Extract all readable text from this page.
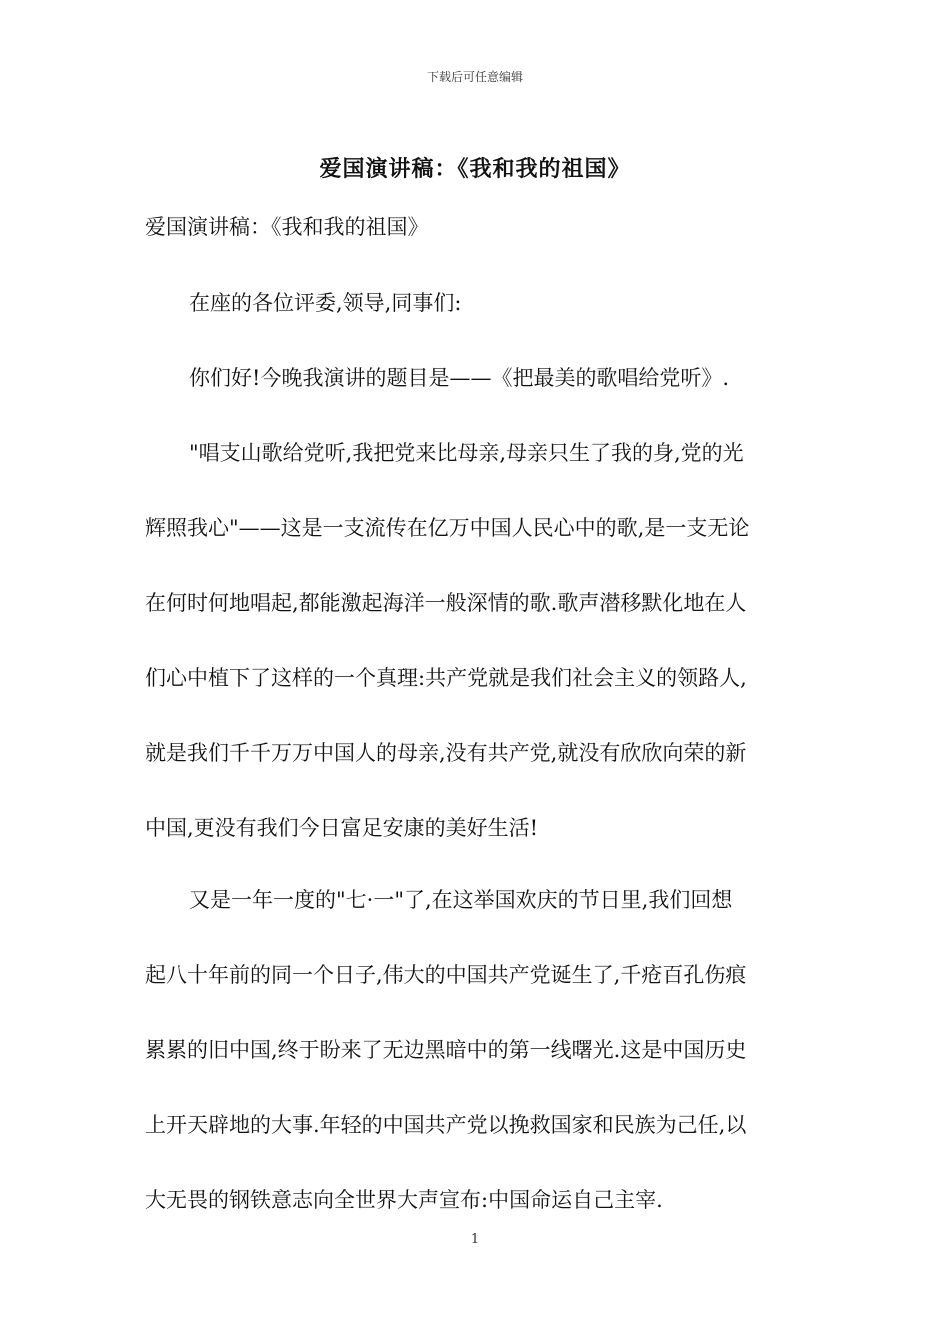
下载后可任意编辑
爱国演讲稿：《我和我的祖国》
爱国演讲稿：《我和我的祖国》
在座的各位评委,领导,同事们:
你们好!今晚我演讲的题目是——《把最美的歌唱给党听》.
"唱支山歌给党听,我把党来比母亲,母亲只生了我的身,党的光
辉照我心"——这是一支流传在亿万中国人民心中的歌,是一支无论
在何时何地唱起,都能激起海洋一般深情的歌.歌声潜移默化地在人
们心中植下了这样的一个真理:共产党就是我们社会主义的领路人,
就是我们千千万万中国人的母亲,没有共产党,就没有欣欣向荣的新
中国,更没有我们今日富足安康的美好生活!
又是一年一度的"七·一"了,在这举国欢庆的节日里,我们回想
起八十年前的同一个日子,伟大的中国共产党诞生了,千疮百孔伤痕
累累的旧中国,终于盼来了无边黑暗中的第一线曙光.这是中国历史
上开天辟地的大事.年轻的中国共产党以挽救国家和民族为己任,以
大无畏的钢铁意志向全世界大声宣布:中国命运自己主宰.
1
